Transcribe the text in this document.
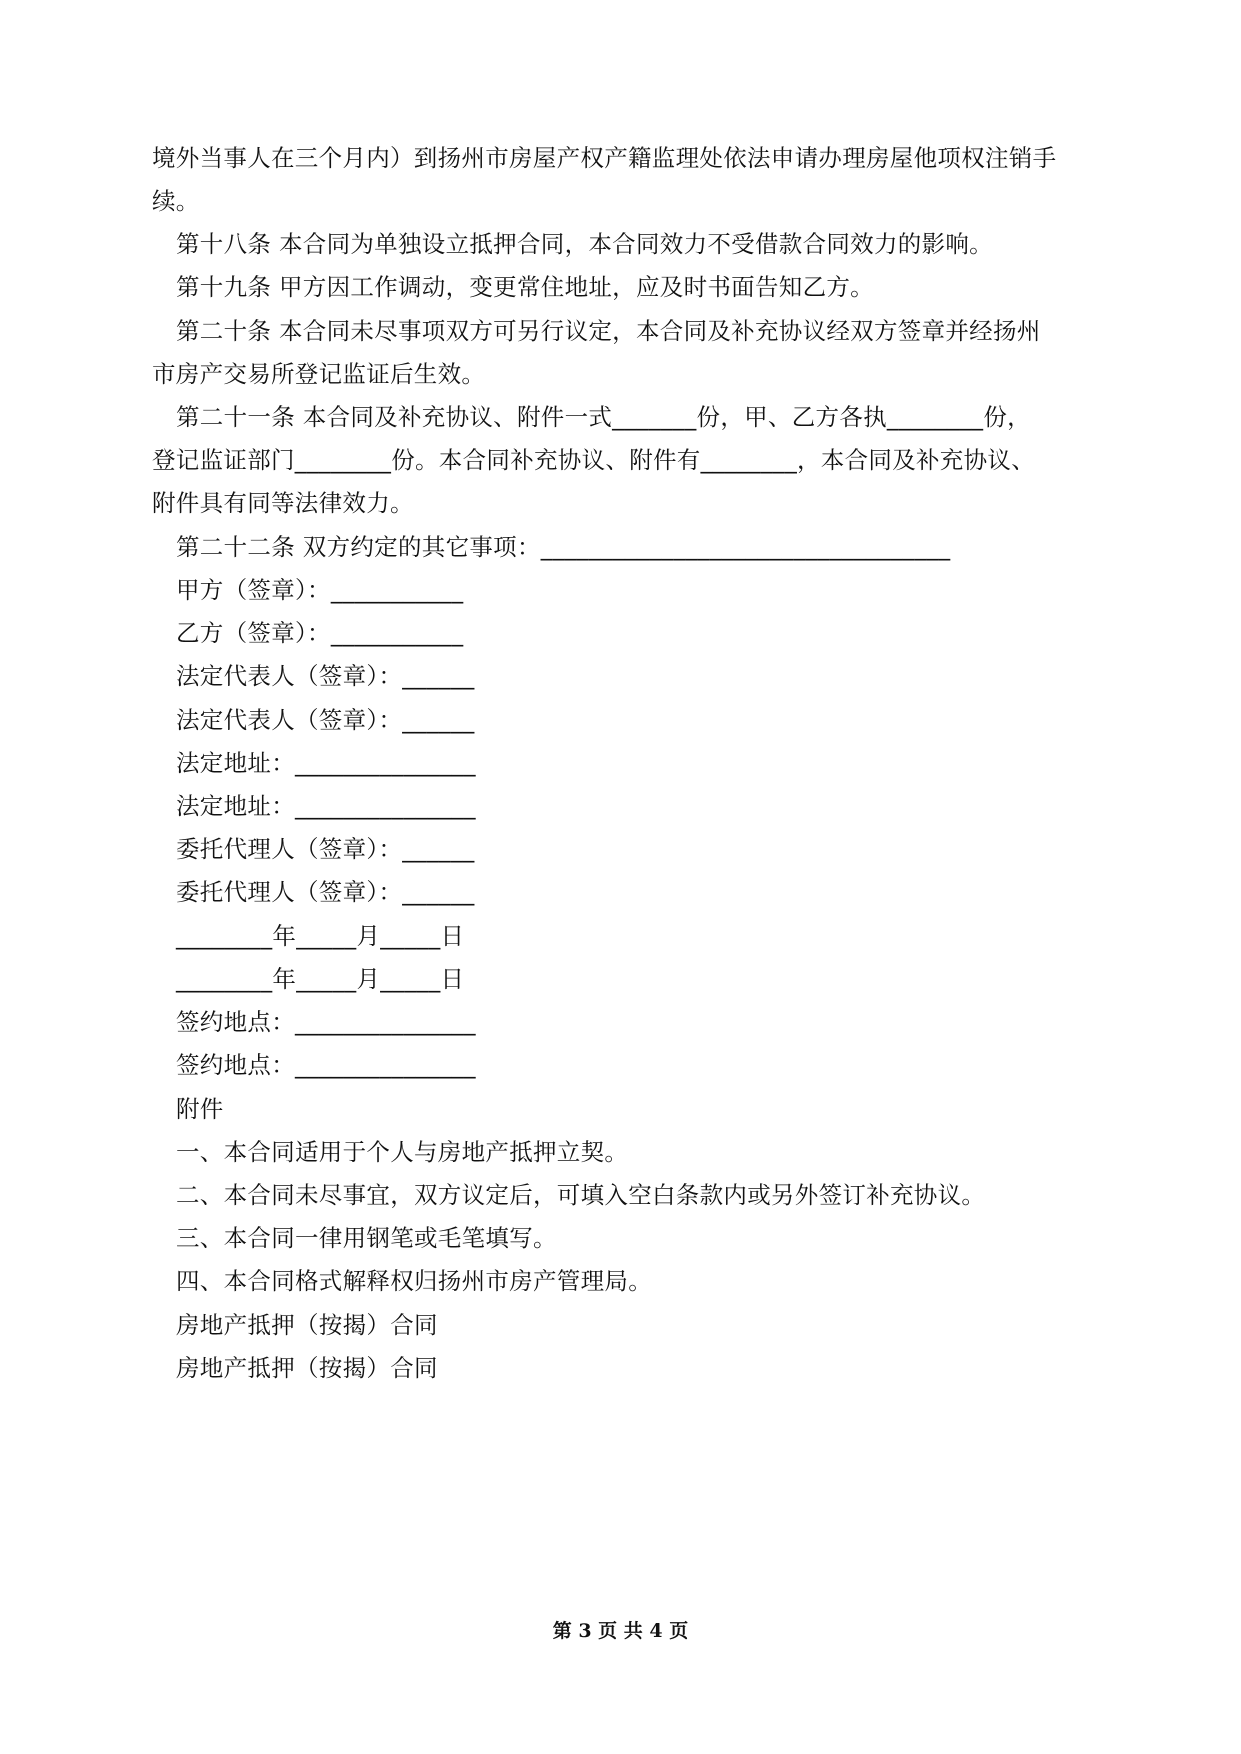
境外当事人在三个月内）到扬州市房屋产权产籍监理处依法申请办理房屋他项权注销手
续。
第十八条 本合同为单独设立抵押合同，本合同效力不受借款合同效力的影响。
第十九条 甲方因工作调动，变更常住地址，应及时书面告知乙方。
第二十条 本合同未尽事项双方可另行议定，本合同及补充协议经双方签章并经扬州
市房产交易所登记监证后生效。
第二十一条 本合同及补充协议、附件一式_______份，甲、乙方各执________份，
登记监证部门________份。本合同补充协议、附件有________，本合同及补充协议、
附件具有同等法律效力。
第二十二条 双方约定的其它事项：__________________________________
甲方（签章）：___________
乙方（签章）：___________
法定代表人（签章）：______
法定代表人（签章）：______
法定地址：_______________
法定地址：_______________
委托代理人（签章）：______
委托代理人（签章）：______
________年_____月_____日
________年_____月_____日
签约地点：_______________
签约地点：_______________
附件
一、本合同适用于个人与房地产抵押立契。
二、本合同未尽事宜，双方议定后，可填入空白条款内或另外签订补充协议。
三、本合同一律用钢笔或毛笔填写。
四、本合同格式解释权归扬州市房产管理局。
房地产抵押（按揭）合同
房地产抵押（按揭）合同
第 3 页 共 4 页
